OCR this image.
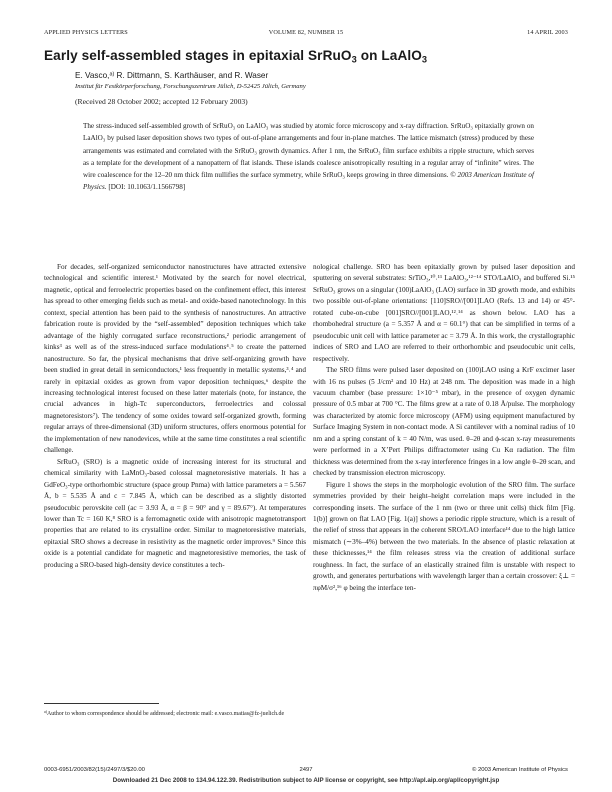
APPLIED PHYSICS LETTERS	VOLUME 82, NUMBER 15	14 APRIL 2003
Early self-assembled stages in epitaxial SrRuO$_3$ on LaAlO$_3$
E. Vasco,$^{a)}$ R. Dittmann, S. Karthäuser, and R. Waser
Institut für Festkörperforschung, Forschungszentrum Jülich, D-52425 Jülich, Germany
(Received 28 October 2002; accepted 12 February 2003)
The stress-induced self-assembled growth of SrRuO₃ on LaAlO₃ was studied by atomic force microscopy and x-ray diffraction. SrRuO₃ epitaxially grown on LaAlO₃ by pulsed laser deposition shows two types of out-of-plane arrangements and four in-plane matches. The lattice mismatch (stress) produced by these arrangements was estimated and correlated with the SrRuO₃ growth dynamics. After 1 nm, the SrRuO₃ film surface exhibits a ripple structure, which serves as a template for the development of a nanopattern of flat islands. These islands coalesce anisotropically resulting in a regular array of “infinite” wires. The wire coalescence for the 12–20 nm thick film nullifies the surface symmetry, while SrRuO₃ keeps growing in three dimensions. © 2003 American Institute of Physics. [DOI: 10.1063/1.1566798]

For decades, self-organized semiconductor nanostructures have attracted extensive technological and scientific interest.¹ Motivated by the search for novel electrical, magnetic, optical and ferroelectric properties based on the confinement effect, this interest has spread to other emerging fields such as metal- and oxide-based nanotechnology. In this context, special attention has been paid to the synthesis of nanostructures. An attractive fabrication route is provided by the “self-assembled” deposition techniques which take advantage of the highly corrugated surface reconstructions,² periodic arrangement of kinks³ as well as of the stress-induced surface modulations⁴˒⁵ to create the patterned nanostructure. So far, the physical mechanisms that drive self-organizing growth have been studied in great detail in semiconductors,¹ less frequently in metallic systems,³˒⁴ and rarely in epitaxial oxides as grown from vapor deposition techniques,⁶ despite the increasing technological interest focused on these latter materials (note, for instance, the crucial advances in high-Tc superconductors, ferroelectrics and colossal magnetoresistors⁷). The tendency of some oxides toward self-organized growth, forming regular arrays of three-dimensional (3D) uniform structures, offers enormous potential for the implementation of new nanodevices, while at the same time constitutes a real scientific challenge.

SrRuO₃ (SRO) is a magnetic oxide of increasing interest for its structural and chemical similarity with LaMnO₃-based colossal magnetoresistive materials. It has a GdFeO₃-type orthorhombic structure (space group Pnma) with lattice parameters a = 5.567 Å, b = 5.535 Å and c = 7.845 Å, which can be described as a slightly distorted pseudocubic perovskite cell (ac = 3.93 Å, α = β = 90° and γ = 89.67°). At temperatures lower than Tc = 160 K,⁸ SRO is a ferromagnetic oxide with anisotropic magnetotransport properties that are related to its crystalline order. Similar to magnetoresistive materials, epitaxial SRO shows a decrease in resistivity as the magnetic order improves.⁹ Since this oxide is a potential candidate for magnetic and magnetoresistive memories, the task of producing a SRO-based high-density device constitutes a tech-

nological challenge. SRO has been epitaxially grown by pulsed laser deposition and sputtering on several substrates: SrTiO₃,¹⁰˒¹¹ LaAlO₃,¹²⁻¹⁴ STO/LaAlO₃ and buffered Si.¹⁵ SrRuO₃ grows on a singular (100)LaAlO₃ (LAO) surface in 3D growth mode, and exhibits two possible out-of-plane orientations: [110]SRO//[001]LAO (Refs. 13 and 14) or 45°-rotated cube-on-cube [001]SRO//[001]LAO,¹²˒¹⁴ as shown below. LAO has a rhombohedral structure (a = 5.357 Å and α = 60.1°) that can be simplified in terms of a pseudocubic unit cell with lattice parameter ac = 3.79 Å. In this work, the crystallographic indices of SRO and LAO are referred to their orthorhombic and pseudocubic unit cells, respectively.

The SRO films were pulsed laser deposited on (100)LAO using a KrF excimer laser with 16 ns pulses (5 J/cm² and 10 Hz) at 248 nm. The deposition was made in a high vacuum chamber (base pressure: 1×10⁻⁵ mbar), in the presence of oxygen dynamic pressure of 0.5 mbar at 700 °C. The films grew at a rate of 0.18 Å/pulse. The morphology was characterized by atomic force microscopy (AFM) using equipment manufactured by Surface Imaging System in non-contact mode. A Si cantilever with a nominal radius of 10 nm and a spring constant of k = 40 N/m, was used. θ–2θ and ϕ-scan x-ray measurements were performed in a X’Pert Philips diffractometer using Cu Kα radiation. The film thickness was determined from the x-ray interference fringes in a low angle θ–2θ scan, and checked by transmission electron microscopy.

Figure 1 shows the steps in the morphologic evolution of the SRO film. The surface symmetries provided by their height–height correlation maps were included in the corresponding insets. The surface of the 1 nm (two or three unit cells) thick film [Fig. 1(b)] grown on flat LAO [Fig. 1(a)] shows a periodic ripple structure, which is a result of the relief of stress that appears in the coherent SRO/LAO interface¹⁴ due to the high lattice mismatch (∼3%–4%) between the two materials. In the absence of plastic relaxation at these thicknesses,¹⁴ the film releases stress via the creation of additional surface roughness. In fact, the surface of an elastically strained film is unstable with respect to growth, and generates perturbations with wavelength larger than a certain crossover: ξ⊥ = πφM/σ²,¹⁶ φ being the interface ten-

$^{a)}$Author to whom correspondence should be addressed; electronic mail: e.vasco.matias@fz-juelich.de
0003-6951/2003/82(15)/2497/3/$20.00	2497	© 2003 American Institute of Physics
Downloaded 21 Dec 2008 to 134.94.122.39. Redistribution subject to AIP license or copyright, see http://apl.aip.org/apl/copyright.jsp
